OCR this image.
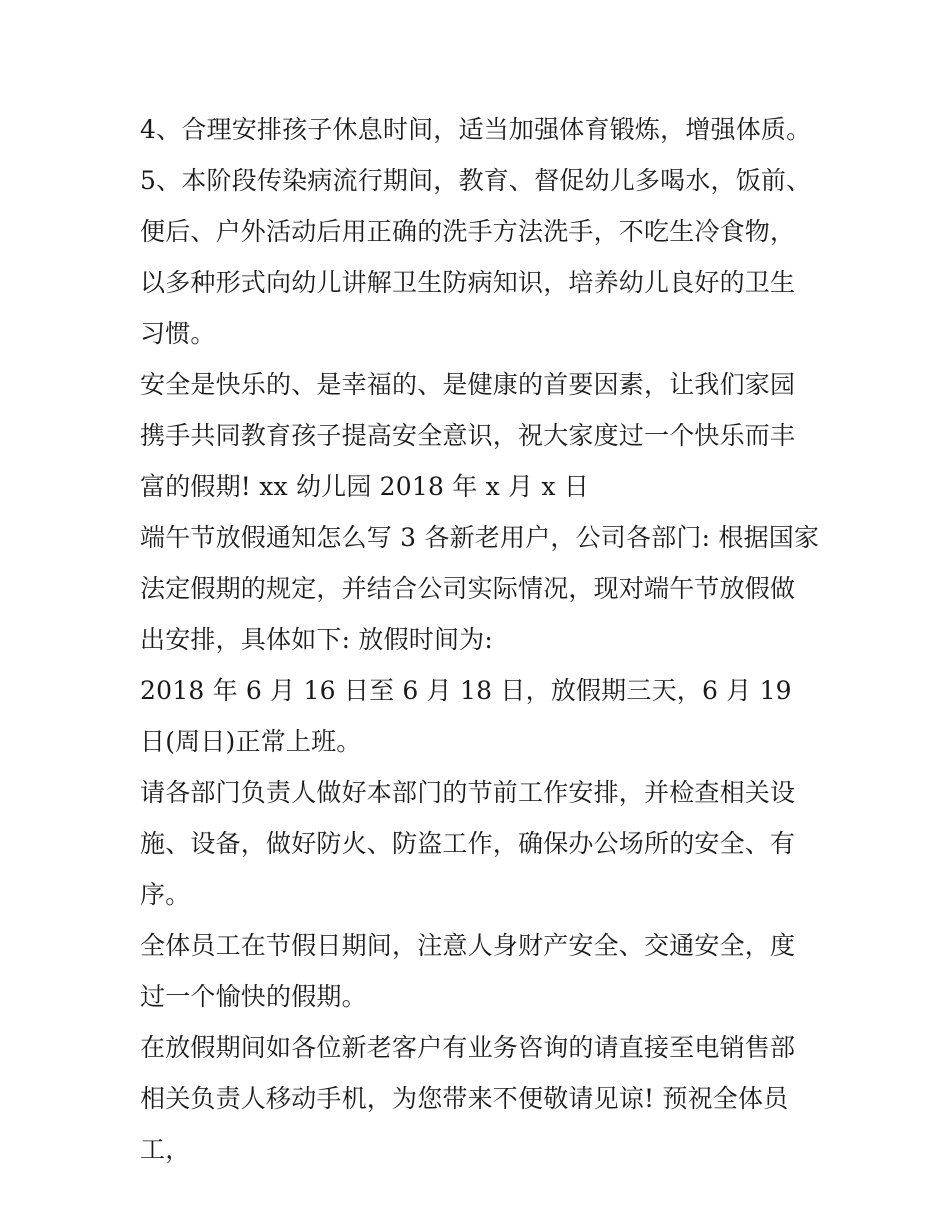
4、合理安排孩子休息时间，适当加强体育锻炼，增强体质。

5、本阶段传染病流行期间，教育、督促幼儿多喝水，饭前、便后、户外活动后用正确的洗手方法洗手，不吃生冷食物，以多种形式向幼儿讲解卫生防病知识，培养幼儿良好的卫生习惯。

安全是快乐的、是幸福的、是健康的首要因素，让我们家园携手共同教育孩子提高安全意识，祝大家度过一个快乐而丰富的假期! xx 幼儿园 2018 年 x 月 x 日

端午节放假通知怎么写 3 各新老用户，公司各部门: 根据国家法定假期的规定，并结合公司实际情况，现对端午节放假做出安排，具体如下: 放假时间为:

2018 年 6 月 16 日至 6 月 18 日，放假期三天，6 月 19 日(周日)正常上班。

请各部门负责人做好本部门的节前工作安排，并检查相关设施、设备，做好防火、防盗工作，确保办公场所的安全、有序。

全体员工在节假日期间，注意人身财产安全、交通安全，度过一个愉快的假期。

在放假期间如各位新老客户有业务咨询的请直接至电销售部相关负责人移动手机，为您带来不便敬请见谅! 预祝全体员工，
